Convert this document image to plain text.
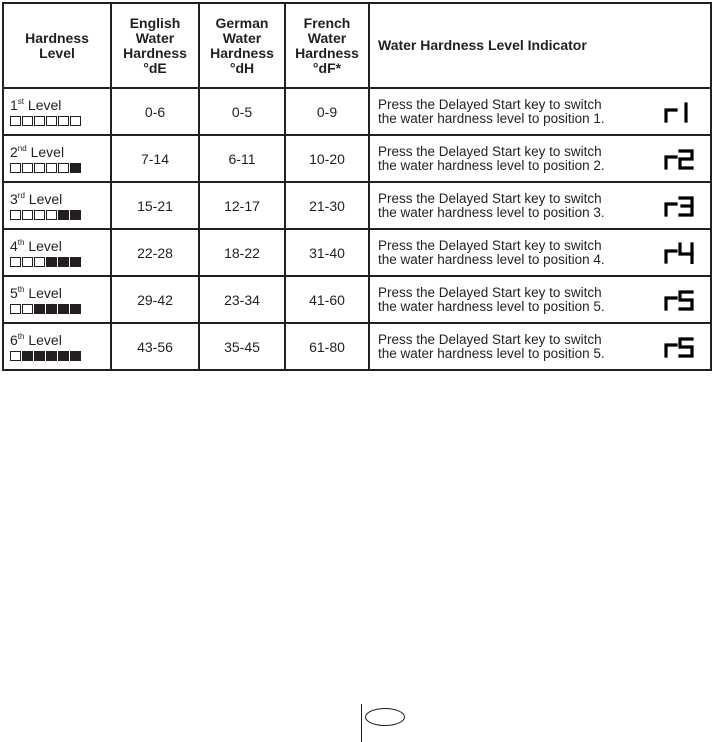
Hardness
Level	English
Water
Hardness
°dE	German
Water
Hardness
°dH	French
Water
Hardness
°dF*	Water Hardness Level Indicator

1st Level	0-6	0-5	0-9	Press the Delayed Start key to switch
the water hardness level to position 1.

2nd Level	7-14	6-11	10-20	Press the Delayed Start key to switch
the water hardness level to position 2.

3rd Level	15-21	12-17	21-30	Press the Delayed Start key to switch
the water hardness level to position 3.

4th Level	22-28	18-22	31-40	Press the Delayed Start key to switch
the water hardness level to position 4.

5th Level	29-42	23-34	41-60	Press the Delayed Start key to switch
the water hardness level to position 5.

6th Level	43-56	35-45	61-80	Press the Delayed Start key to switch
the water hardness level to position 5.
